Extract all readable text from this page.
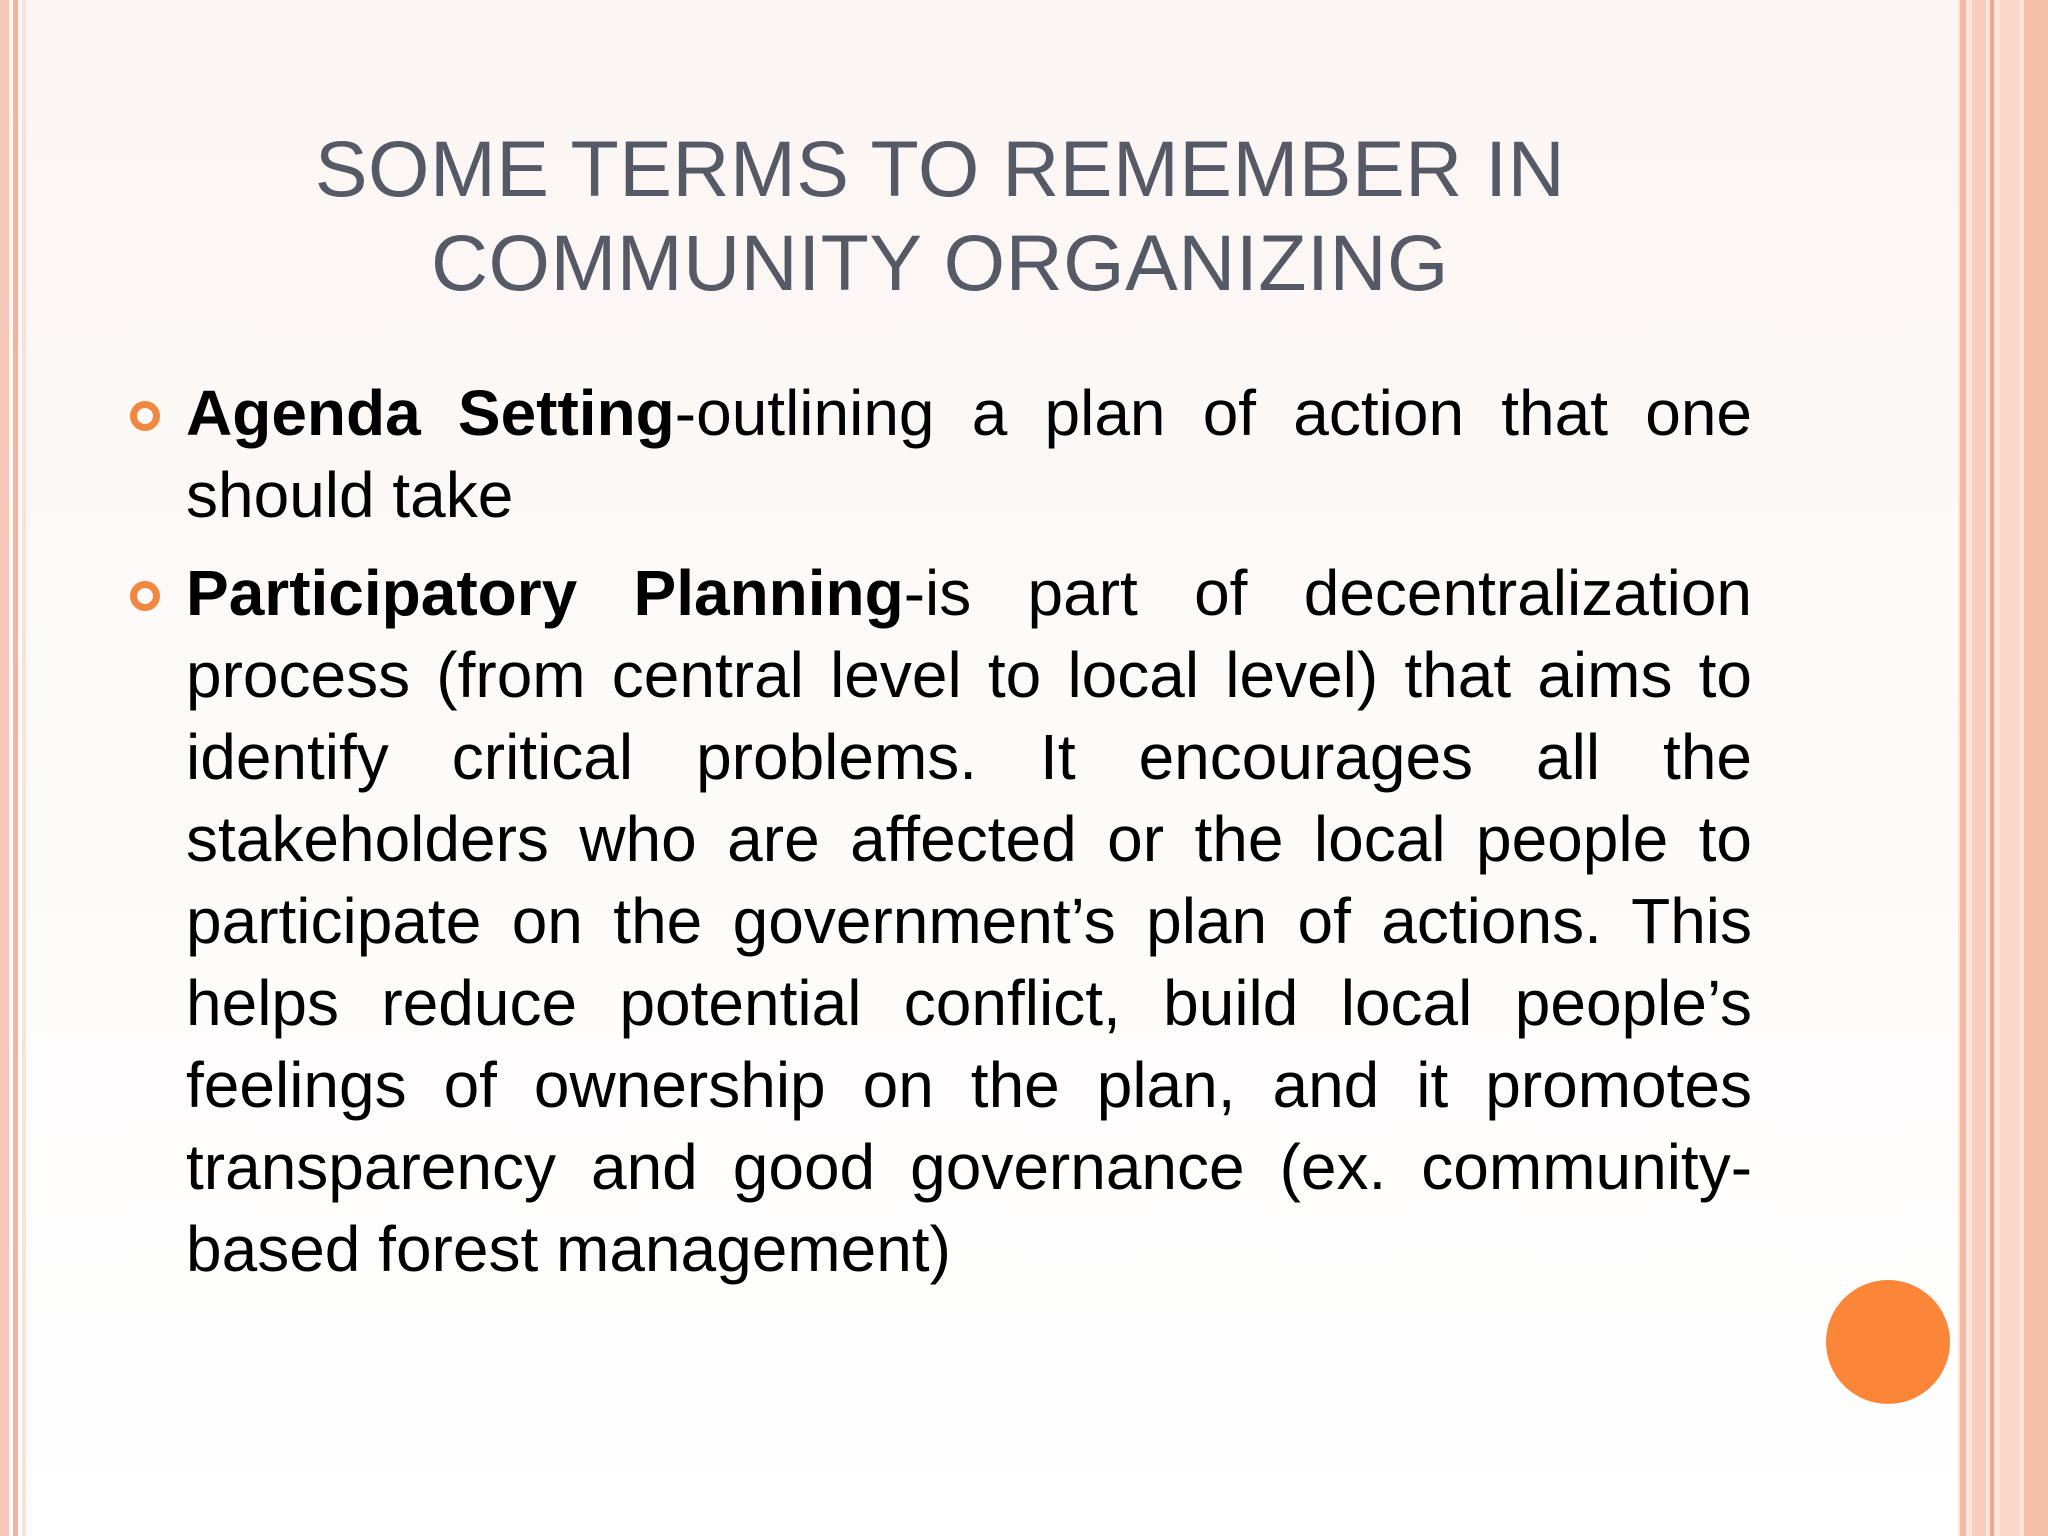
SOME TERMS TO REMEMBER IN
COMMUNITY ORGANIZING
Agenda Setting-outlining a plan of action that one should take
Participatory Planning-is part of decentralization process (from central level to local level) that aims to identify critical problems. It encourages all the stakeholders who are affected or the local people to participate on the government’s plan of actions. This helps reduce potential conflict, build local people’s feelings of ownership on the plan, and it promotes transparency and good governance (ex. community-based forest management)
